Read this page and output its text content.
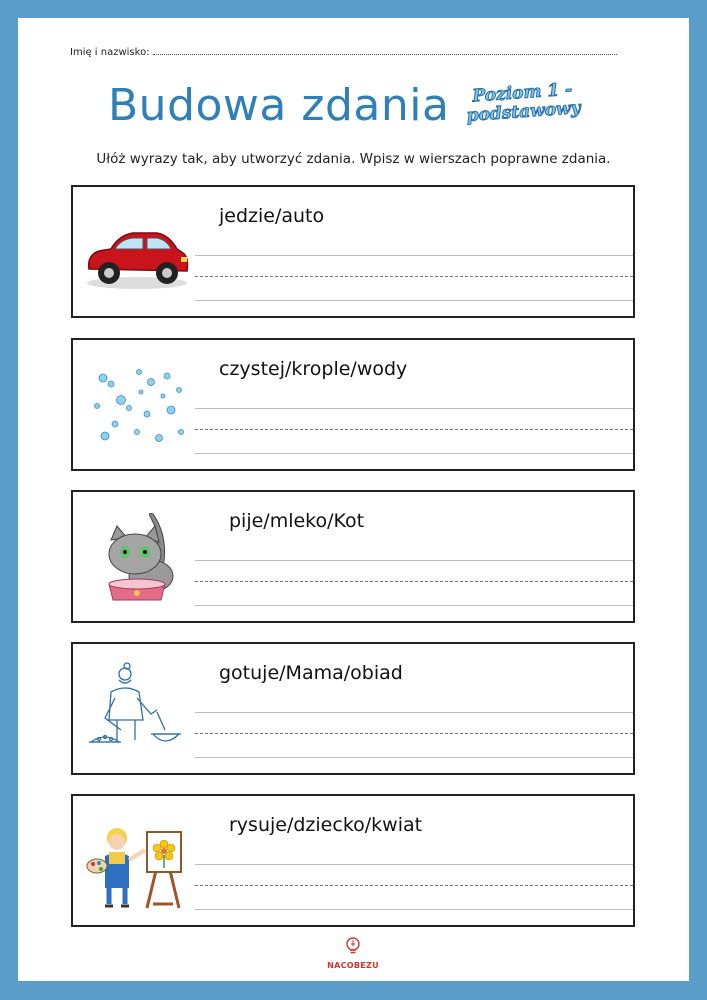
Imię i nazwisko:
Budowa zdania	Poziom 1 - podstawowy
Ułóż wyrazy tak, aby utworzyć zdania. Wpisz w wierszach poprawne zdania.
jedzie/auto
czystej/krople/wody
pije/mleko/Kot
gotuje/Mama/obiad
rysuje/dziecko/kwiat
NACOBEZU
